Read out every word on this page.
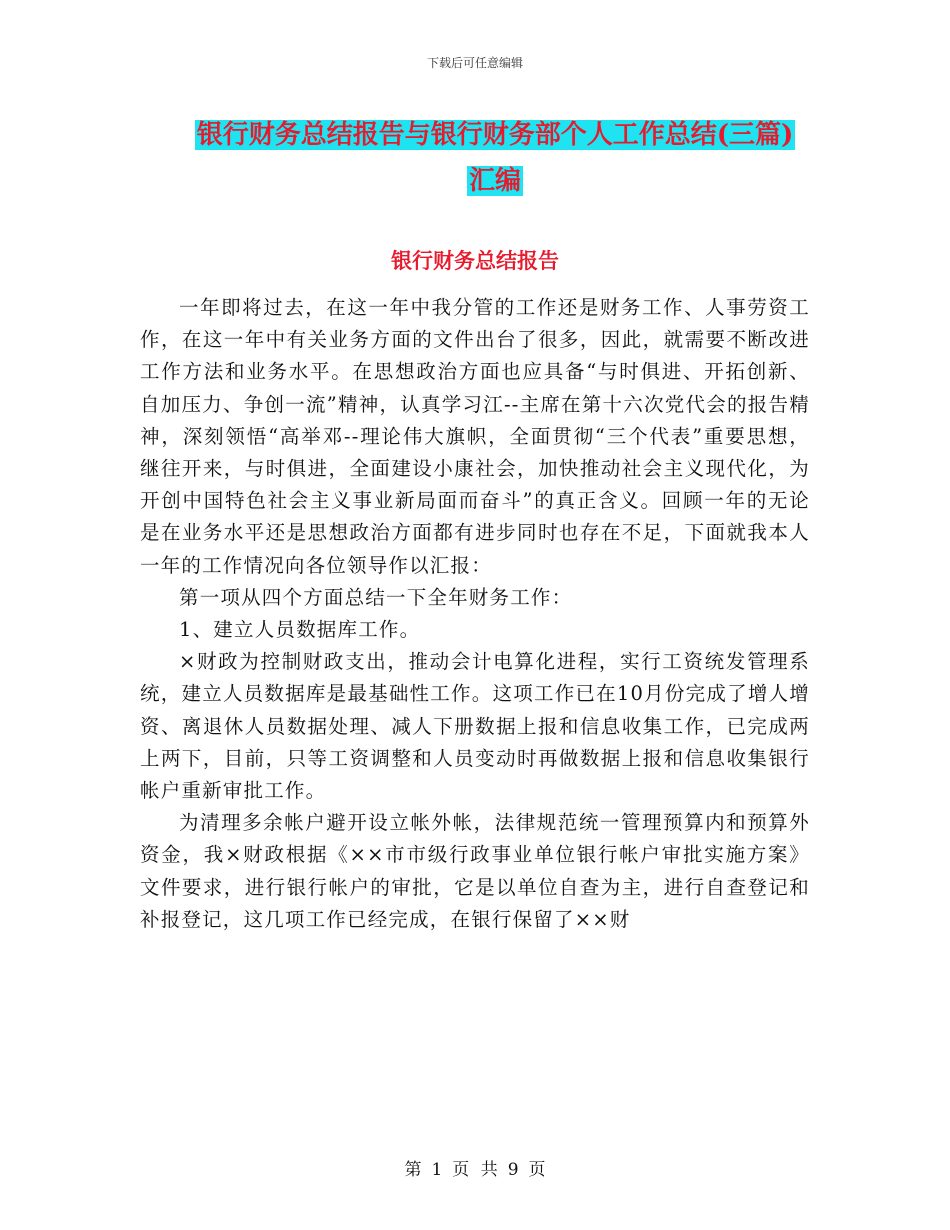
下载后可任意编辑
银行财务总结报告与银行财务部个人工作总结(三篇)
汇编
银行财务总结报告

一年即将过去，在这一年中我分管的工作还是财务工作、人事劳资工作，在这一年中有关业务方面的文件出台了很多，因此，就需要不断改进工作方法和业务水平。在思想政治方面也应具备“与时俱进、开拓创新、自加压力、争创一流”精神，认真学习江--主席在第十六次党代会的报告精神，深刻领悟“高举邓--理论伟大旗帜，全面贯彻“三个代表”重要思想，继往开来，与时俱进，全面建设小康社会，加快推动社会主义现代化，为开创中国特色社会主义事业新局面而奋斗”的真正含义。回顾一年的无论是在业务水平还是思想政治方面都有进步同时也存在不足，下面就我本人一年的工作情况向各位领导作以汇报：

第一项从四个方面总结一下全年财务工作：

1、建立人员数据库工作。

×财政为控制财政支出，推动会计电算化进程，实行工资统发管理系统，建立人员数据库是最基础性工作。这项工作已在10月份完成了增人增资、离退休人员数据处理、减人下册数据上报和信息收集工作，已完成两上两下，目前，只等工资调整和人员变动时再做数据上报和信息收集银行帐户重新审批工作。

为清理多余帐户避开设立帐外帐，法律规范统一管理预算内和预算外资金，我×财政根据《××市市级行政事业单位银行帐户审批实施方案》文件要求，进行银行帐户的审批，它是以单位自查为主，进行自查登记和补报登记，这几项工作已经完成，在银行保留了××财

第 1 页 共 9 页
